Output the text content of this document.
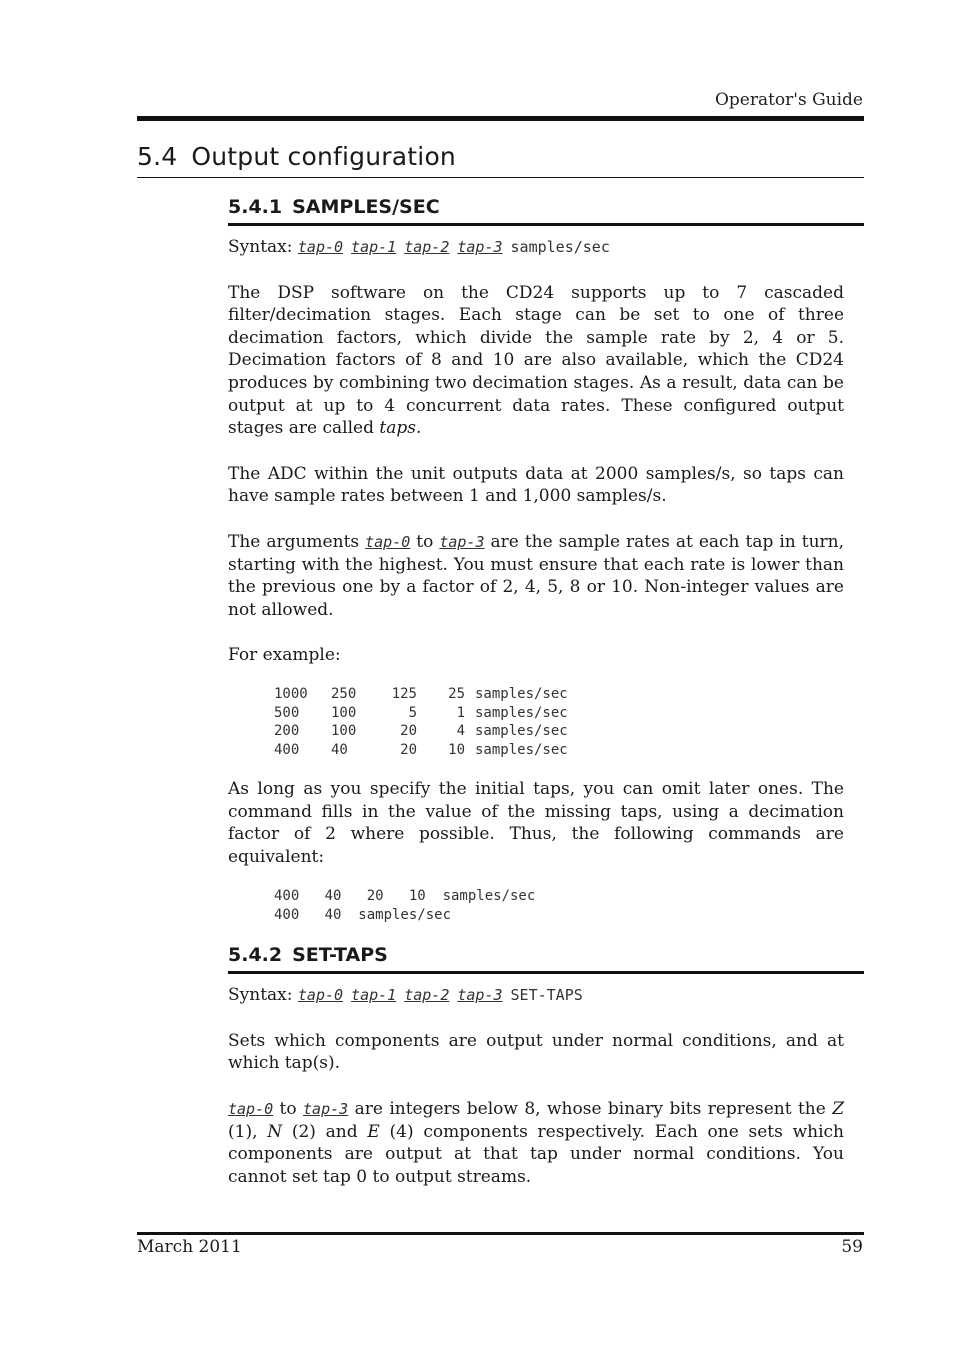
Operator's Guide
5.4 Output configuration
5.4.1 SAMPLES/SEC

Syntax: tap-0 tap-1 tap-2 tap-3 samples/sec

The DSP software on the CD24 supports up to 7 cascaded filter/decimation stages. Each stage can be set to one of three decimation factors, which divide the sample rate by 2, 4 or 5. Decimation factors of 8 and 10 are also available, which the CD24 produces by combining two decimation stages. As a result, data can be output at up to 4 concurrent data rates. These configured output stages are called taps.

The ADC within the unit outputs data at 2000 samples/s, so taps can have sample rates between 1 and 1,000 samples/s.

The arguments tap-0 to tap-3 are the sample rates at each tap in turn, starting with the highest. You must ensure that each rate is lower than the previous one by a factor of 2, 4, 5, 8 or 10. Non-integer values are not allowed.

For example:

1000	250	125	25	samples/sec
500	100	5	1	samples/sec
200	100	20	4	samples/sec
400	40	20	10	samples/sec

As long as you specify the initial taps, you can omit later ones. The command fills in the value of the missing taps, using a decimation factor of 2 where possible. Thus, the following commands are equivalent:

400   40   20   10  samples/sec
400   40  samples/sec
5.4.2 SET-TAPS

Syntax: tap-0 tap-1 tap-2 tap-3 SET-TAPS

Sets which components are output under normal conditions, and at which tap(s).

tap-0 to tap-3 are integers below 8, whose binary bits represent the Z (1), N (2) and E (4) components respectively. Each one sets which components are output at that tap under normal conditions. You cannot set tap 0 to output streams.

March 2011	59
